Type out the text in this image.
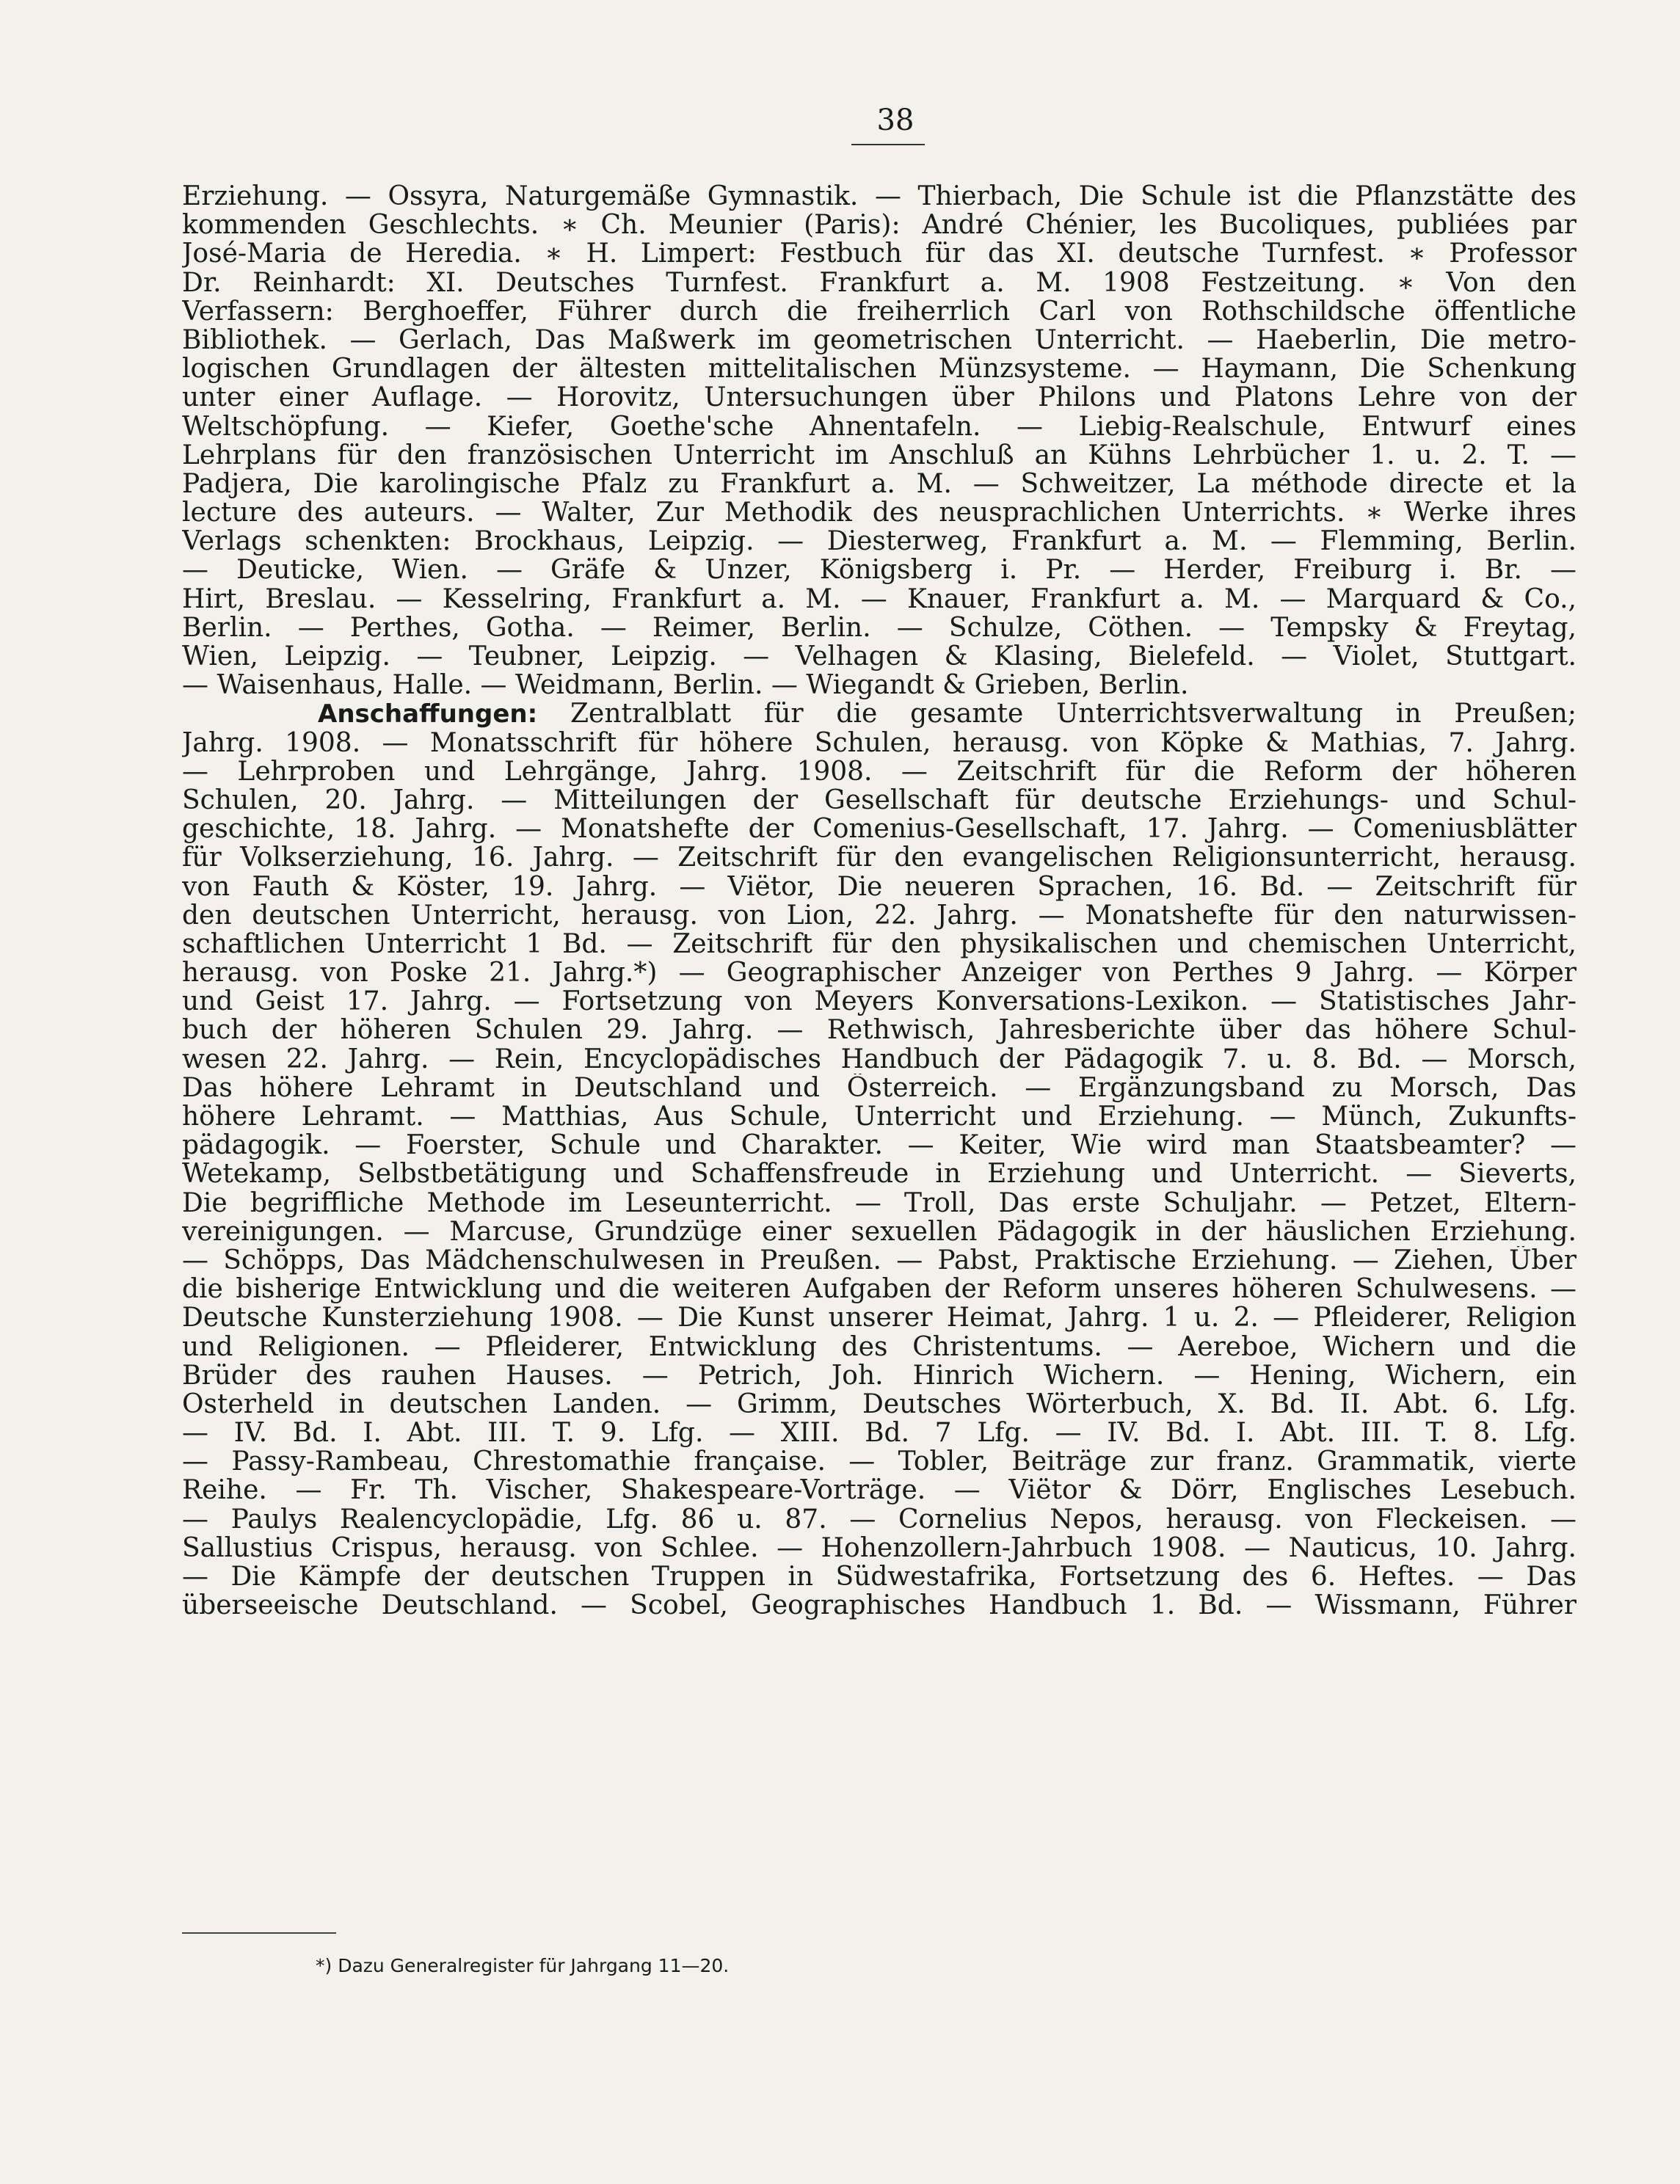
38
Erziehung. — Ossyra, Naturgemäße Gymnastik. — Thierbach, Die Schule ist die Pflanzstätte des
kommenden Geschlechts. ∗ Ch. Meunier (Paris): André Chénier, les Bucoliques, publiées par
José-Maria de Heredia. ∗ H. Limpert: Festbuch für das XI. deutsche Turnfest. ∗ Professor
Dr. Reinhardt: XI. Deutsches Turnfest. Frankfurt a. M. 1908 Festzeitung. ∗ Von den
Verfassern: Berghoeffer, Führer durch die freiherrlich Carl von Rothschildsche öffentliche
Bibliothek. — Gerlach, Das Maßwerk im geometrischen Unterricht. — Haeberlin, Die metro-
logischen Grundlagen der ältesten mittelitalischen Münzsysteme. — Haymann, Die Schenkung
unter einer Auflage. — Horovitz, Untersuchungen über Philons und Platons Lehre von der
Weltschöpfung. — Kiefer, Goethe'sche Ahnentafeln. — Liebig-Realschule, Entwurf eines
Lehrplans für den französischen Unterricht im Anschluß an Kühns Lehrbücher 1. u. 2. T. —
Padjera, Die karolingische Pfalz zu Frankfurt a. M. — Schweitzer, La méthode directe et la
lecture des auteurs. — Walter, Zur Methodik des neusprachlichen Unterrichts. ∗ Werke ihres
Verlags schenkten: Brockhaus, Leipzig. — Diesterweg, Frankfurt a. M. — Flemming, Berlin.
— Deuticke, Wien. — Gräfe & Unzer, Königsberg i. Pr. — Herder, Freiburg i. Br. —
Hirt, Breslau. — Kesselring, Frankfurt a. M. — Knauer, Frankfurt a. M. — Marquard & Co.,
Berlin. — Perthes, Gotha. — Reimer, Berlin. — Schulze, Cöthen. — Tempsky & Freytag,
Wien, Leipzig. — Teubner, Leipzig. — Velhagen & Klasing, Bielefeld. — Violet, Stuttgart.
— Waisenhaus, Halle. — Weidmann, Berlin. — Wiegandt & Grieben, Berlin.
Anschaffungen: Zentralblatt für die gesamte Unterrichtsverwaltung in Preußen;
Jahrg. 1908. — Monatsschrift für höhere Schulen, herausg. von Köpke & Mathias, 7. Jahrg.
— Lehrproben und Lehrgänge, Jahrg. 1908. — Zeitschrift für die Reform der höheren
Schulen, 20. Jahrg. — Mitteilungen der Gesellschaft für deutsche Erziehungs- und Schul-
geschichte, 18. Jahrg. — Monatshefte der Comenius-Gesellschaft, 17. Jahrg. — Comeniusblätter
für Volkserziehung, 16. Jahrg. — Zeitschrift für den evangelischen Religionsunterricht, herausg.
von Fauth & Köster, 19. Jahrg. — Viëtor, Die neueren Sprachen, 16. Bd. — Zeitschrift für
den deutschen Unterricht, herausg. von Lion, 22. Jahrg. — Monatshefte für den naturwissen-
schaftlichen Unterricht 1 Bd. — Zeitschrift für den physikalischen und chemischen Unterricht,
herausg. von Poske 21. Jahrg.*) — Geographischer Anzeiger von Perthes 9 Jahrg. — Körper
und Geist 17. Jahrg. — Fortsetzung von Meyers Konversations-Lexikon. — Statistisches Jahr-
buch der höheren Schulen 29. Jahrg. — Rethwisch, Jahresberichte über das höhere Schul-
wesen 22. Jahrg. — Rein, Encyclopädisches Handbuch der Pädagogik 7. u. 8. Bd. — Morsch,
Das höhere Lehramt in Deutschland und Österreich. — Ergänzungsband zu Morsch, Das
höhere Lehramt. — Matthias, Aus Schule, Unterricht und Erziehung. — Münch, Zukunfts-
pädagogik. — Foerster, Schule und Charakter. — Keiter, Wie wird man Staatsbeamter? —
Wetekamp, Selbstbetätigung und Schaffensfreude in Erziehung und Unterricht. — Sieverts,
Die begriffliche Methode im Leseunterricht. — Troll, Das erste Schuljahr. — Petzet, Eltern-
vereinigungen. — Marcuse, Grundzüge einer sexuellen Pädagogik in der häuslichen Erziehung.
— Schöpps, Das Mädchenschulwesen in Preußen. — Pabst, Praktische Erziehung. — Ziehen, Über
die bisherige Entwicklung und die weiteren Aufgaben der Reform unseres höheren Schulwesens. —
Deutsche Kunsterziehung 1908. — Die Kunst unserer Heimat, Jahrg. 1 u. 2. — Pfleiderer, Religion
und Religionen. — Pfleiderer, Entwicklung des Christentums. — Aereboe, Wichern und die
Brüder des rauhen Hauses. — Petrich, Joh. Hinrich Wichern. — Hening, Wichern, ein
Osterheld in deutschen Landen. — Grimm, Deutsches Wörterbuch, X. Bd. II. Abt. 6. Lfg.
— IV. Bd. I. Abt. III. T. 9. Lfg. — XIII. Bd. 7 Lfg. — IV. Bd. I. Abt. III. T. 8. Lfg.
— Passy-Rambeau, Chrestomathie française. — Tobler, Beiträge zur franz. Grammatik, vierte
Reihe. — Fr. Th. Vischer, Shakespeare-Vorträge. — Viëtor & Dörr, Englisches Lesebuch.
— Paulys Realencyclopädie, Lfg. 86 u. 87. — Cornelius Nepos, herausg. von Fleckeisen. —
Sallustius Crispus, herausg. von Schlee. — Hohenzollern-Jahrbuch 1908. — Nauticus, 10. Jahrg.
— Die Kämpfe der deutschen Truppen in Südwestafrika, Fortsetzung des 6. Heftes. — Das
überseeische Deutschland. — Scobel, Geographisches Handbuch 1. Bd. — Wissmann, Führer
*) Dazu Generalregister für Jahrgang 11—20.
